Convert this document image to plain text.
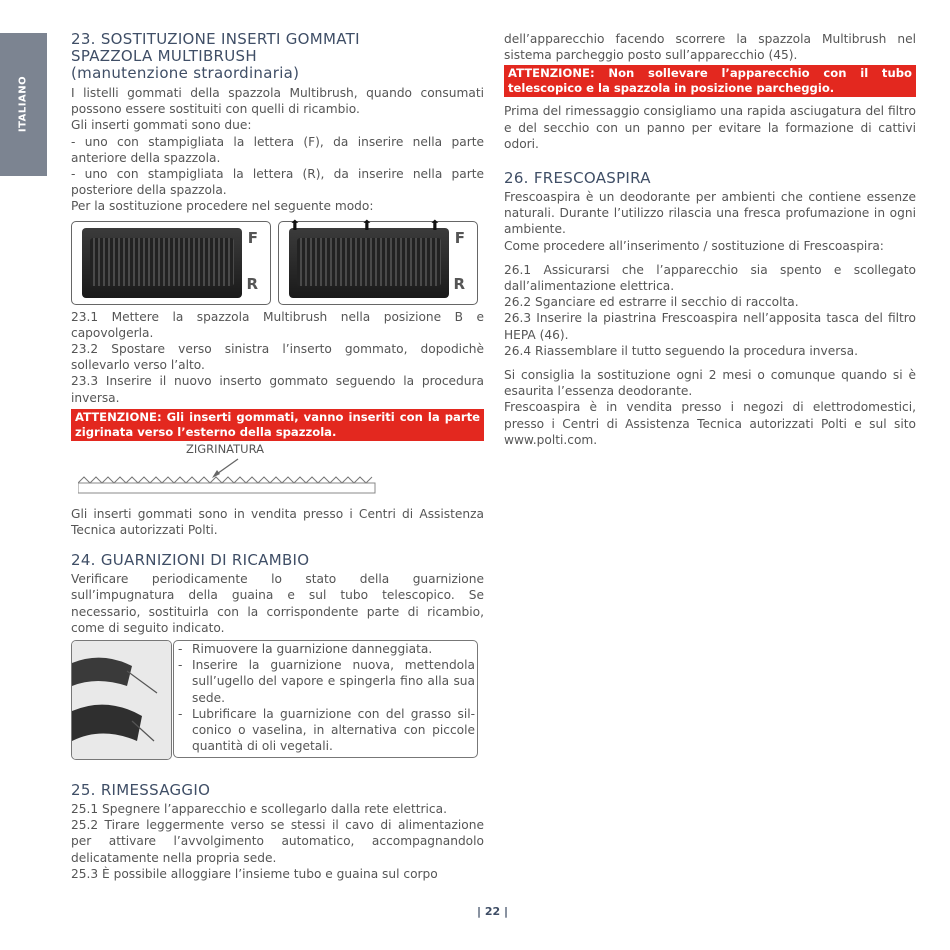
ITALIANO
23. SOSTITUZIONE INSERTI GOMMATI
SPAZZOLA MULTIBRUSH
(manutenzione straordinaria)

I listelli gommati della spazzola Multibrush, quando consumati possono essere sostituiti con quelli di ricambio.

Gli inserti gommati sono due:

- uno con stampigliata la lettera (F), da inserire nella parte anteriore della spazzola.

- uno con stampigliata la lettera (R), da inserire nella parte posteriore della spazzola.

Per la sostituzione procedere nel seguente modo:

F
R
⬆	⬆	⬆
F
R

23.1 Mettere la spazzola Multibrush nella posizione B e capovolgerla.

23.2 Spostare verso sinistra l’inserto gommato, dopodichè sollevarlo verso l’alto.

23.3 Inserire il nuovo inserto gommato seguendo la procedura inversa.

ATTENZIONE: Gli inserti gommati, vanno inseriti con la parte zigrinata verso l’esterno della spazzola.
ZIGRINATURA

Gli inserti gommati sono in vendita presso i Centri di Assistenza Tecnica autorizzati Polti.

24. GUARNIZIONI DI RICAMBIO

Verificare periodicamente lo stato della guarnizione sull’impugnatura della guaina e sul tubo telescopico. Se necessario, sostituirla con la corrispondente parte di ricambio, come di seguito indicato.

- Rimuovere la guarnizione danneggiata.
- Inserire la guarnizione nuova, mettendola sull’ugello del vapore e spingerla fino alla sua sede.
- Lubrificare la guarnizione con del grasso sil-conico o vaselina, in alternativa con piccole quantità di oli vegetali.
25. RIMESSAGGIO

25.1 Spegnere l’apparecchio e scollegarlo dalla rete elettrica.

25.2 Tirare leggermente verso se stessi il cavo di alimentazione per attivare l’avvolgimento automatico, accompagnandolo delicatamente nella propria sede.

25.3 È possibile alloggiare l’insieme tubo e guaina sul corpo

dell’apparecchio facendo scorrere la spazzola Multibrush nel sistema parcheggio posto sull’apparecchio (45).

ATTENZIONE: Non sollevare l’apparecchio con il tubo telescopico e la spazzola in posizione parcheggio.

Prima del rimessaggio consigliamo una rapida asciugatura del filtro e del secchio con un panno per evitare la formazione di cattivi odori.

26. FRESCOASPIRA

Frescoaspira è un deodorante per ambienti che contiene essenze naturali. Durante l’utilizzo rilascia una fresca profumazione in ogni ambiente.

Come procedere all’inserimento / sostituzione di Frescoaspira:

26.1 Assicurarsi che l’apparecchio sia spento e scollegato dall’alimentazione elettrica.

26.2 Sganciare ed estrarre il secchio di raccolta.

26.3 Inserire la piastrina Frescoaspira nell’apposita tasca del filtro HEPA (46).

26.4 Riassemblare il tutto seguendo la procedura inversa.

Si consiglia la sostituzione ogni 2 mesi o comunque quando si è esaurita l’essenza deodorante.

Frescoaspira è in vendita presso i negozi di elettrodomestici, presso i Centri di Assistenza Tecnica autorizzati Polti e sul sito www.polti.com.

| 22 |
